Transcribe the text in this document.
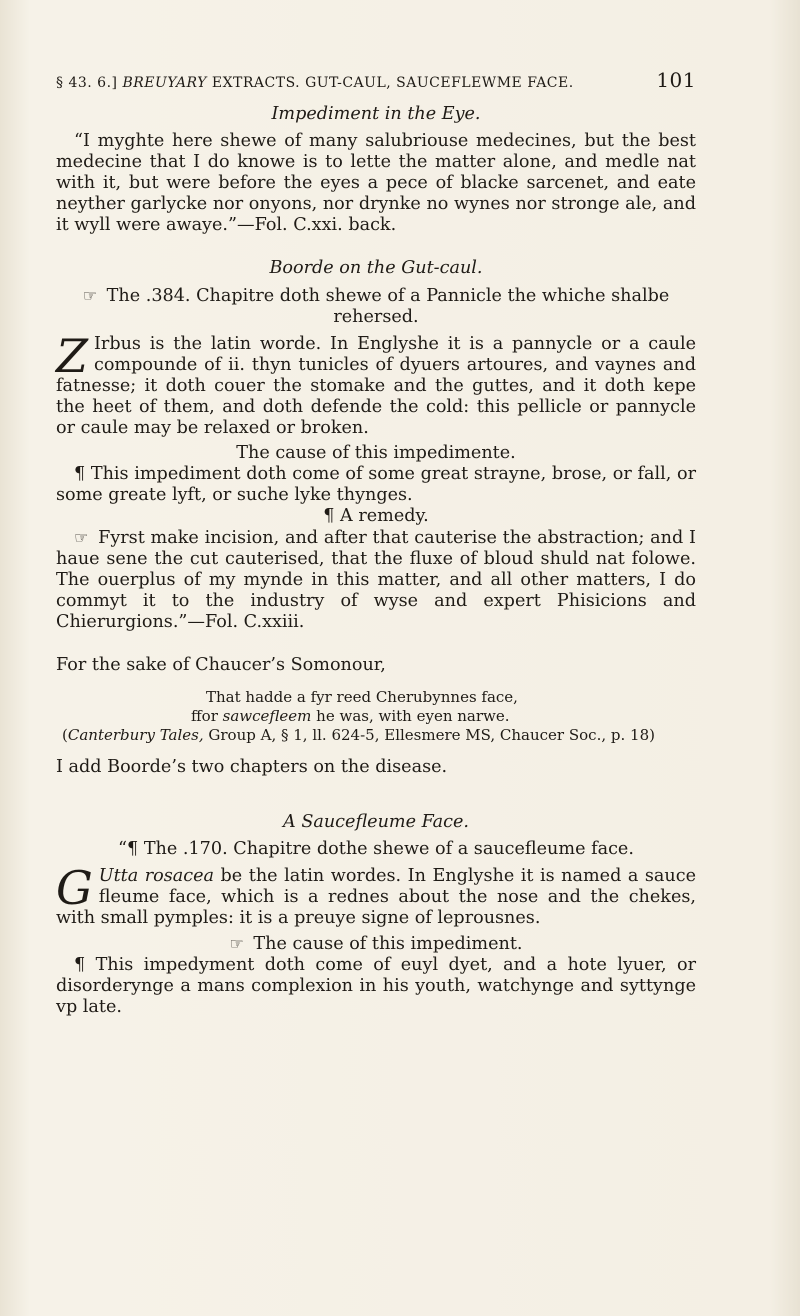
§ 43. 6.] BREUYARY EXTRACTS. GUT-CAUL, SAUCEFLEWME FACE.	101
Impediment in the Eye.

“I myghte here shewe of many salubriouse medecines, but the best medecine that I do knowe is to lette the matter alone, and medle nat with it, but were before the eyes a pece of blacke sarcenet, and eate neyther garlycke nor onyons, nor drynke no wynes nor stronge ale, and it wyll were awaye.”—Fol. C.xxi. back.

Boorde on the Gut-caul.
☞ The .384. Chapitre doth shewe of a Pannicle the whiche shalbe rehersed.

Z Irbus is the latin worde. In Englyshe it is a pannycle or a caule compounde of ii. thyn tunicles of dyuers artoures, and vaynes and fatnesse; it doth couer the stomake and the guttes, and it doth kepe the heet of them, and doth defende the cold: this pellicle or pannycle or caule may be relaxed or broken.

The cause of this impedimente.

¶ This impediment doth come of some great strayne, brose, or fall, or some greate lyft, or suche lyke thynges.

¶ A remedy.

☞ Fyrst make incision, and after that cauterise the abstraction; and I haue sene the cut cauterised, that the fluxe of bloud shuld nat folowe. The ouerplus of my mynde in this matter, and all other matters, I do commyt it to the industry of wyse and expert Phisicions and Chierurgions.”—Fol. C.xxiii.

For the sake of Chaucer’s Somonour,

That hadde a fyr reed Cherubynnes face,
ffor sawcefleem he was, with eyen narwe.
(Canterbury Tales, Group A, § 1, ll. 624-5, Ellesmere MS, Chaucer Soc., p. 18)

I add Boorde’s two chapters on the disease.

A Saucefleume Face.
“¶ The .170. Chapitre dothe shewe of a saucefleume face.

G Utta rosacea be the latin wordes. In Englyshe it is named a sauce fleume face, which is a rednes about the nose and the chekes, with small pymples: it is a preuye signe of leprousnes.

☞ The cause of this impediment.

¶ This impedyment doth come of euyl dyet, and a hote lyuer, or disorderynge a mans complexion in his youth, watchynge and syttynge vp late.
